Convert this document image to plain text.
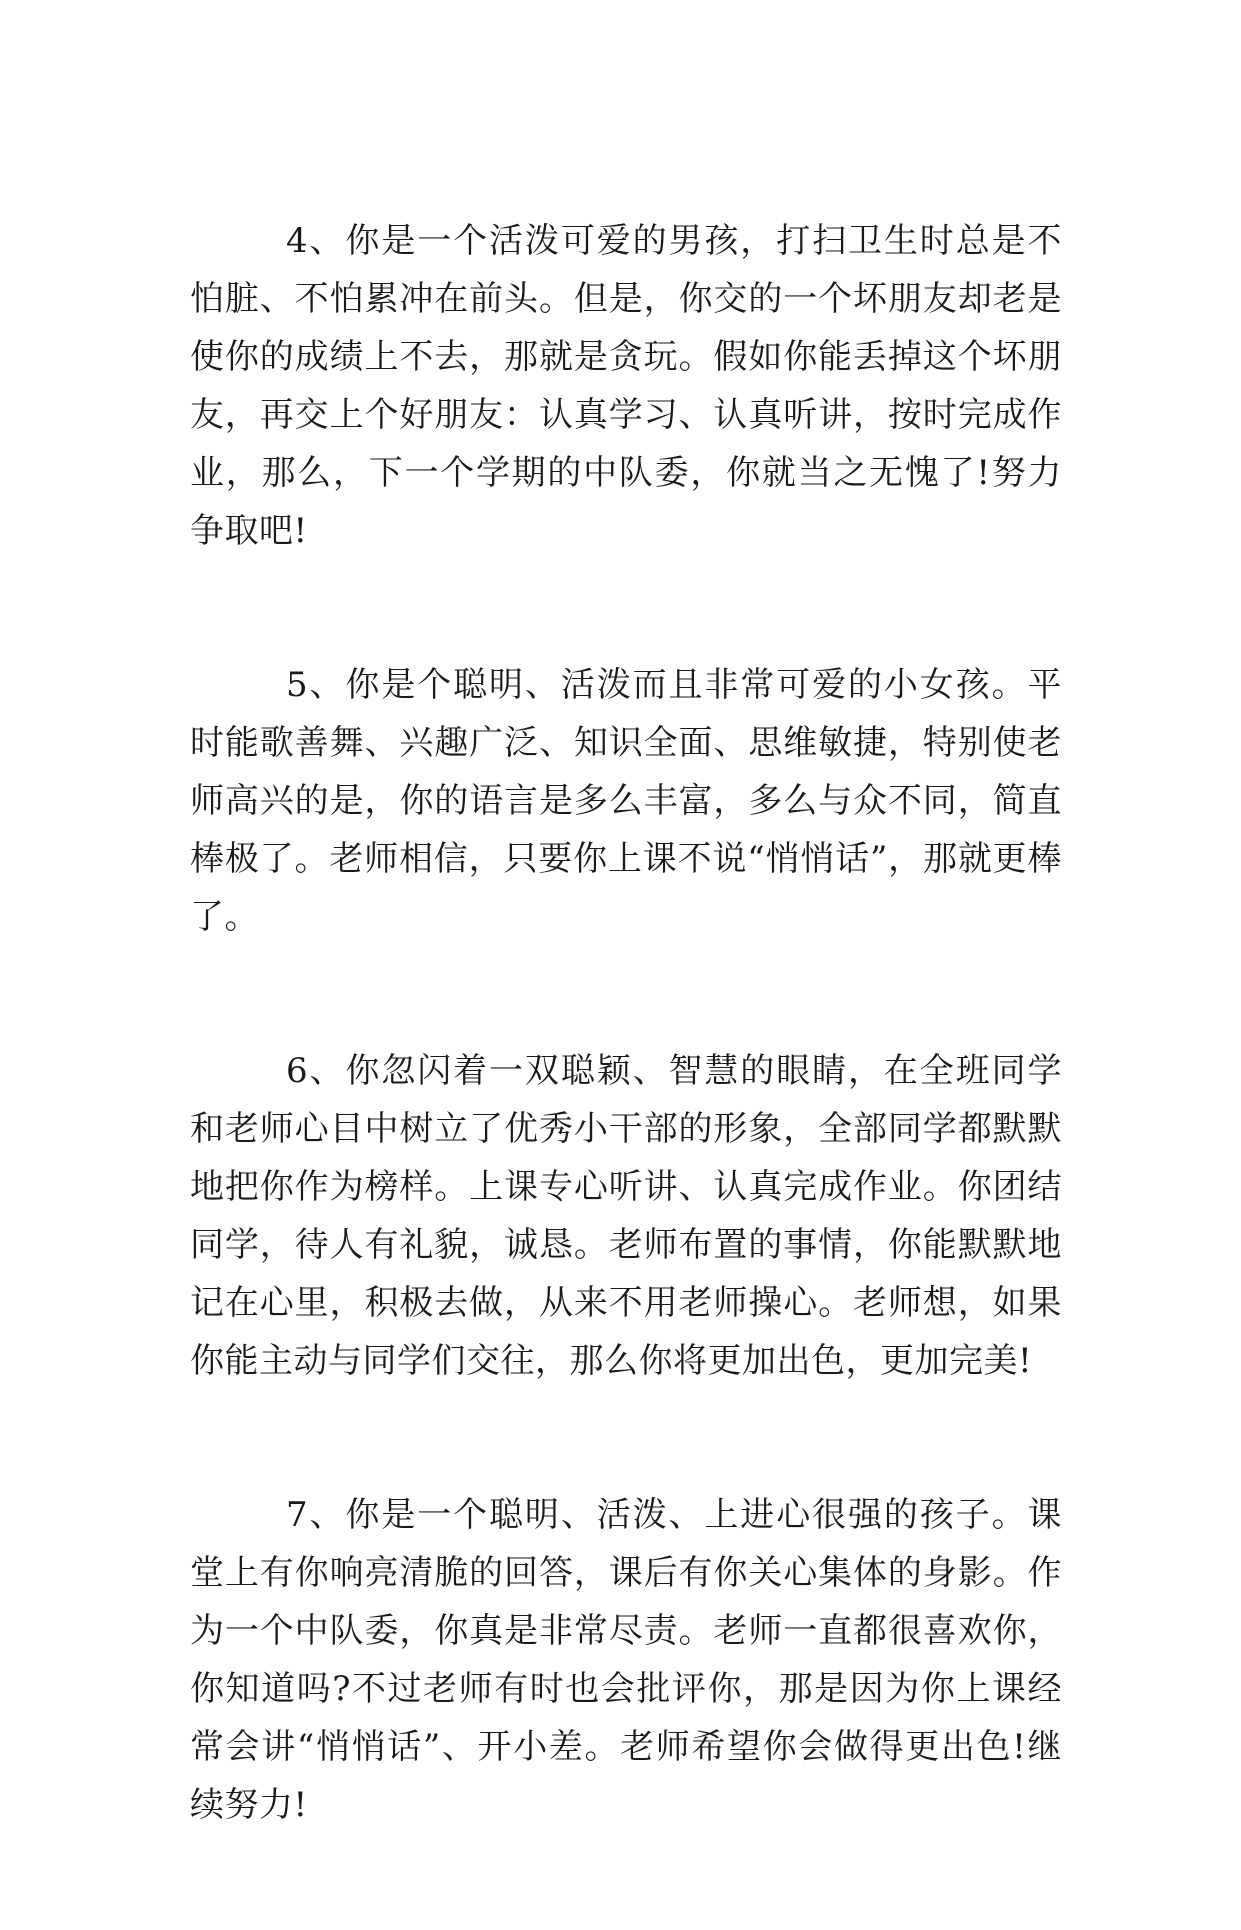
4、你是一个活泼可爱的男孩，打扫卫生时总是不怕脏、不怕累冲在前头。但是，你交的一个坏朋友却老是使你的成绩上不去，那就是贪玩。假如你能丢掉这个坏朋友，再交上个好朋友：认真学习、认真听讲，按时完成作业，那么，下一个学期的中队委，你就当之无愧了!努力争取吧!

5、你是个聪明、活泼而且非常可爱的小女孩。平时能歌善舞、兴趣广泛、知识全面、思维敏捷，特别使老师高兴的是，你的语言是多么丰富，多么与众不同，简直棒极了。老师相信，只要你上课不说“悄悄话”，那就更棒了。

6、你忽闪着一双聪颖、智慧的眼睛，在全班同学和老师心目中树立了优秀小干部的形象，全部同学都默默地把你作为榜样。上课专心听讲、认真完成作业。你团结同学，待人有礼貌，诚恳。老师布置的事情，你能默默地记在心里，积极去做，从来不用老师操心。老师想，如果你能主动与同学们交往，那么你将更加出色，更加完美!

7、你是一个聪明、活泼、上进心很强的孩子。课堂上有你响亮清脆的回答，课后有你关心集体的身影。作为一个中队委，你真是非常尽责。老师一直都很喜欢你，你知道吗?不过老师有时也会批评你，那是因为你上课经常会讲“悄悄话”、开小差。老师希望你会做得更出色!继续努力!
